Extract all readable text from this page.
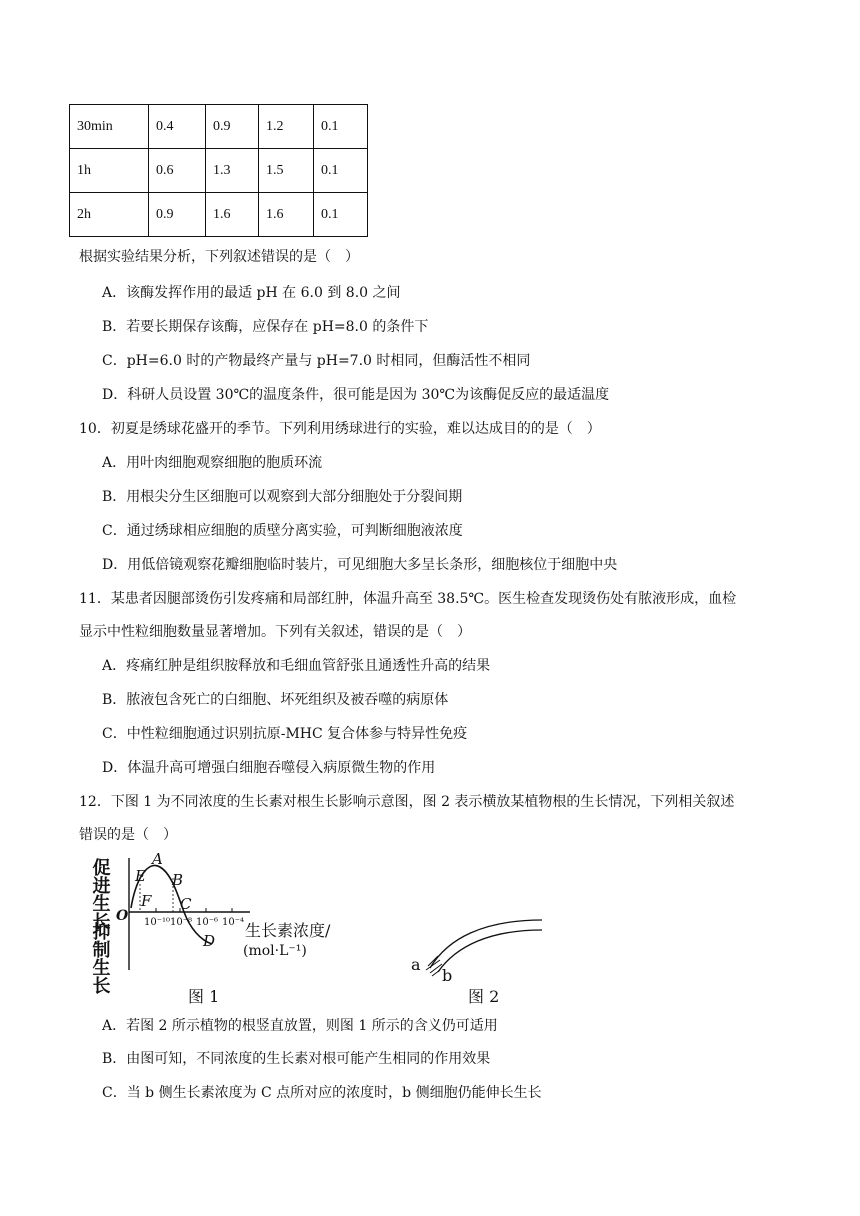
30min	0.4	0.9	1.2	0.1
1h	0.6	1.3	1.5	0.1
2h	0.9	1.6	1.6	0.1
根据实验结果分析，下列叙述错误的是（　）
A．该酶发挥作用的最适 pH 在 6.0 到 8.0 之间
B．若要长期保存该酶，应保存在 pH=8.0 的条件下
C．pH=6.0 时的产物最终产量与 pH=7.0 时相同，但酶活性不相同
D．科研人员设置 30℃的温度条件，很可能是因为 30℃为该酶促反应的最适温度
10．初夏是绣球花盛开的季节。下列利用绣球进行的实验，难以达成目的的是（　）
A．用叶肉细胞观察细胞的胞质环流
B．用根尖分生区细胞可以观察到大部分细胞处于分裂间期
C．通过绣球相应细胞的质壁分离实验，可判断细胞液浓度
D．用低倍镜观察花瓣细胞临时装片，可见细胞大多呈长条形，细胞核位于细胞中央
11．某患者因腿部烫伤引发疼痛和局部红肿，体温升高至 38.5℃。医生检查发现烫伤处有脓液形成，血检
显示中性粒细胞数量显著增加。下列有关叙述，错误的是（　）
A．疼痛红肿是组织胺释放和毛细血管舒张且通透性升高的结果
B．脓液包含死亡的白细胞、坏死组织及被吞噬的病原体
C．中性粒细胞通过识别抗原-MHC 复合体参与特异性免疫
D．体温升高可增强白细胞吞噬侵入病原微生物的作用
12．下图 1 为不同浓度的生长素对根生长影响示意图，图 2 表示横放某植物根的生长情况，下列相关叙述
错误的是（　）
促进生长
抑制生长
O
E
A
B
F C
D
10⁻¹⁰ 10⁻⁸ 10⁻⁶ 10⁻⁴ 生长素浓度/
(mol·L⁻¹)
图 1
a
b
图 2
A．若图 2 所示植物的根竖直放置，则图 1 所示的含义仍可适用
B．由图可知，不同浓度的生长素对根可能产生相同的作用效果
C．当 b 侧生长素浓度为 C 点所对应的浓度时，b 侧细胞仍能伸长生长
